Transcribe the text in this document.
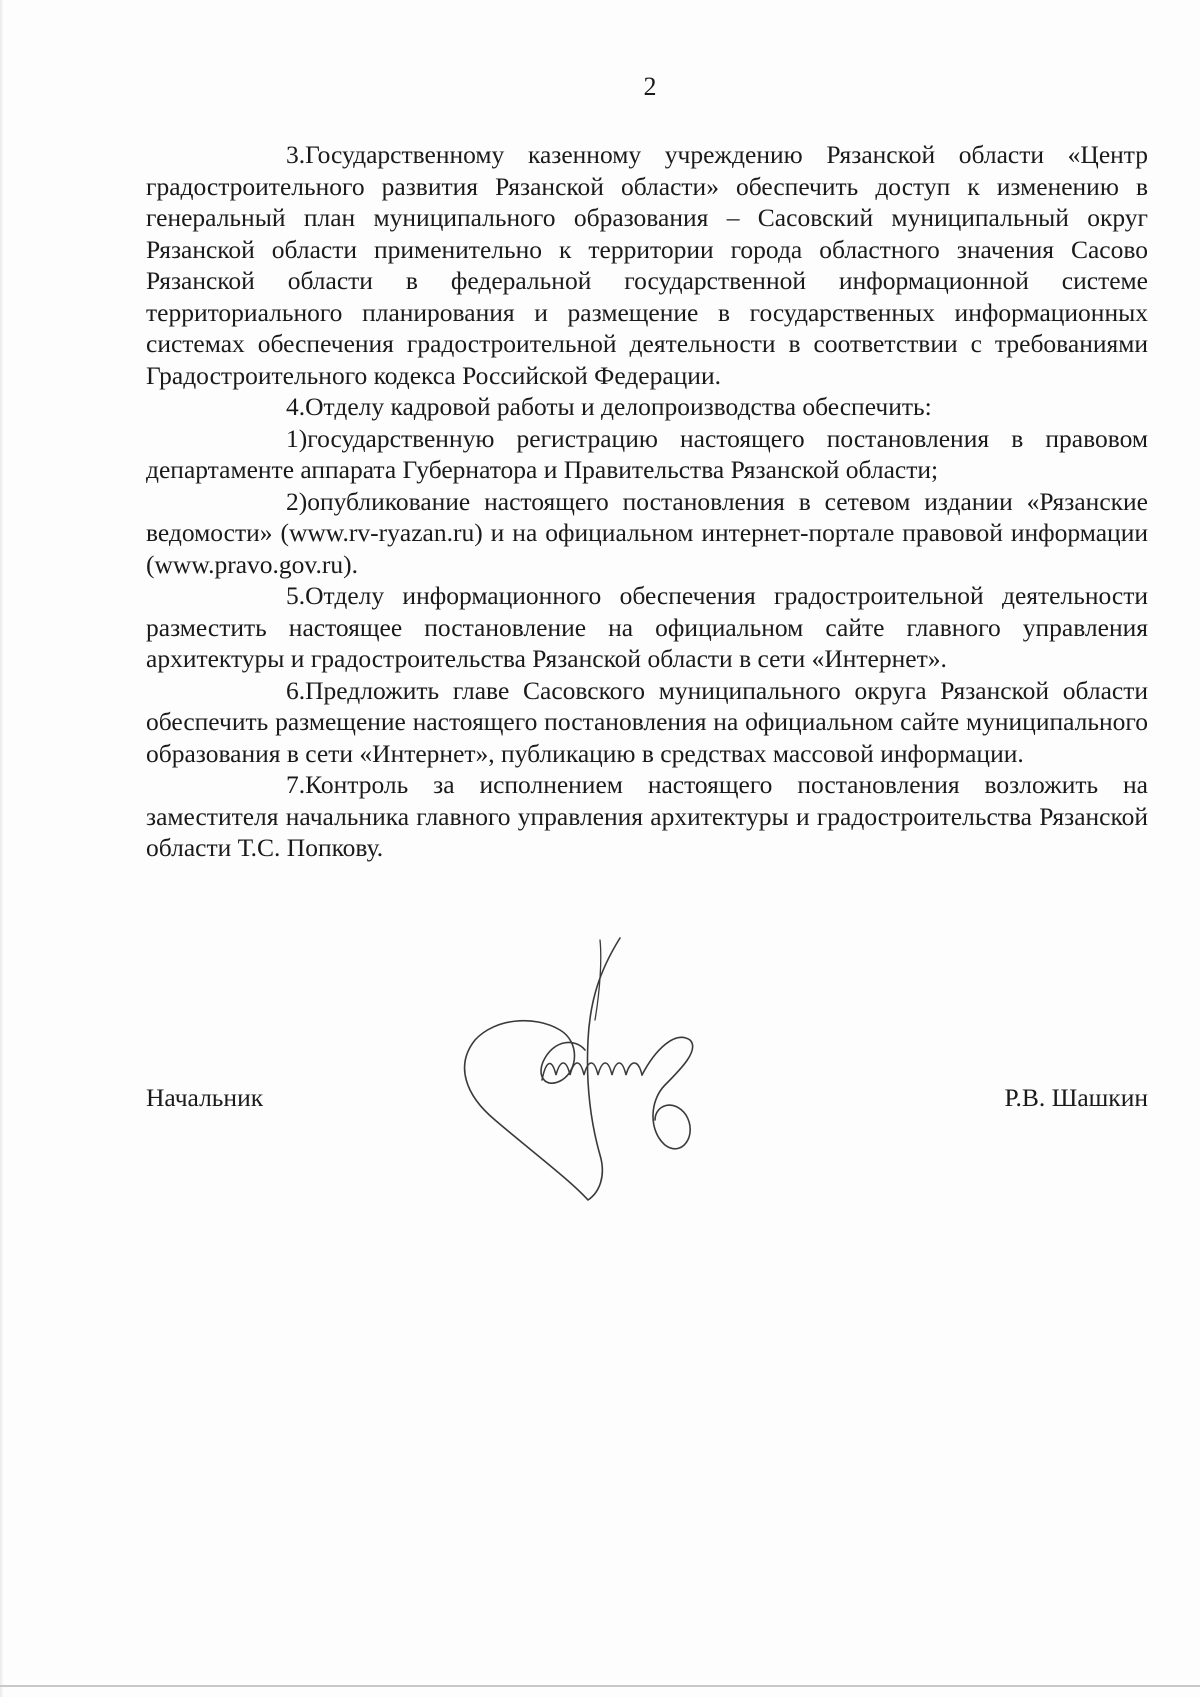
2

3.Государственному казенному учреждению Рязанской области «Центр градостроительного развития Рязанской области» обеспечить доступ к изменению в генеральный план муниципального образования – Сасовский муниципальный округ Рязанской области применительно к территории города областного значения Сасово Рязанской области в федеральной государственной информационной системе территориального планирования и размещение в государственных информационных системах обеспечения градостроительной деятельности в соответствии с требованиями Градостроительного кодекса Российской Федерации.

4.Отделу кадровой работы и делопроизводства обеспечить:

1)государственную регистрацию настоящего постановления в правовом департаменте аппарата Губернатора и Правительства Рязанской области;

2)опубликование настоящего постановления в сетевом издании «Рязанские ведомости» (www.rv-ryazan.ru) и на официальном интернет-портале правовой информации (www.pravo.gov.ru).

5.Отделу информационного обеспечения градостроительной деятельности разместить настоящее постановление на официальном сайте главного управления архитектуры и градостроительства Рязанской области в сети «Интернет».

6.Предложить главе Сасовского муниципального округа Рязанской области обеспечить размещение настоящего постановления на официальном сайте муниципального образования в сети «Интернет», публикацию в средствах массовой информации.

7.Контроль за исполнением настоящего постановления возложить на заместителя начальника главного управления архитектуры и градостроительства Рязанской области Т.С. Попкову.

Начальник	Р.В. Шашкин
